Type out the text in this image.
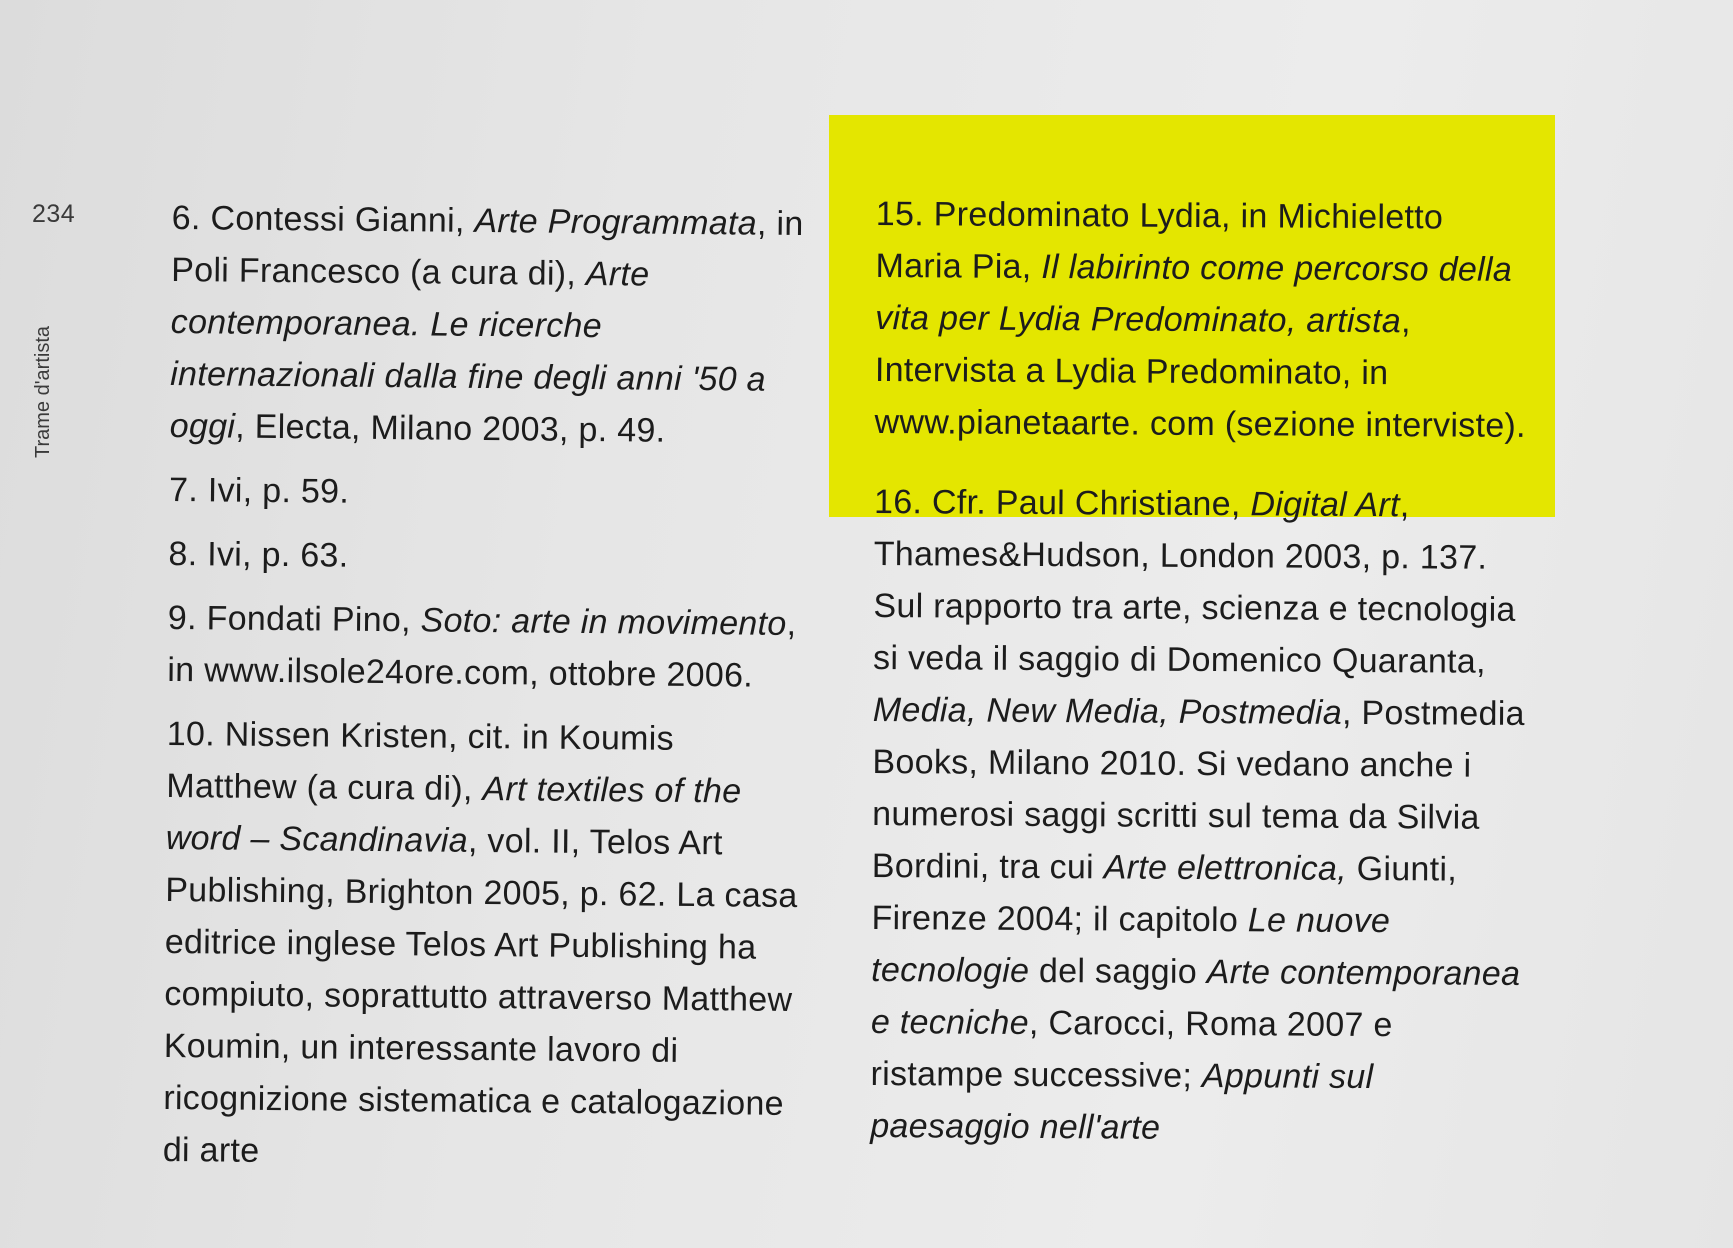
234
Trame d'artista

6. Contessi Gianni, Arte Programmata, in Poli Francesco (a cura di), Arte contemporanea. Le ricerche internazionali dalla fine degli anni '50 a oggi, Electa, Milano 2003, p. 49.

7. Ivi, p. 59.

8. Ivi, p. 63.

9. Fondati Pino, Soto: arte in movimento, in www.ilsole24ore.com, ottobre 2006.

10. Nissen Kristen, cit. in Koumis Matthew (a cura di), Art textiles of the word – Scandinavia, vol. II, Telos Art Publishing, Brighton 2005, p. 62. La casa editrice inglese Telos Art Publishing ha compiuto, soprattutto attraverso Matthew Koumin, un interessante lavoro di ricognizione sistematica e catalogazione di arte

15. Predominato Lydia, in Michieletto Maria Pia, Il labirinto come percorso della vita per Lydia Predominato, artista, Intervista a Lydia Predominato, in www.pianetaarte. com (sezione interviste).

16. Cfr. Paul Christiane, Digital Art, Thames&Hudson, London 2003, p. 137. Sul rapporto tra arte, scienza e tecnologia si veda il saggio di Domenico Quaranta, Media, New Media, Postmedia, Postmedia Books, Milano 2010. Si vedano anche i numerosi saggi scritti sul tema da Silvia Bordini, tra cui Arte elettronica, Giunti, Firenze 2004; il capitolo Le nuove tecnologie del saggio Arte contemporanea e tecniche, Carocci, Roma 2007 e ristampe successive; Appunti sul paesaggio nell'arte
